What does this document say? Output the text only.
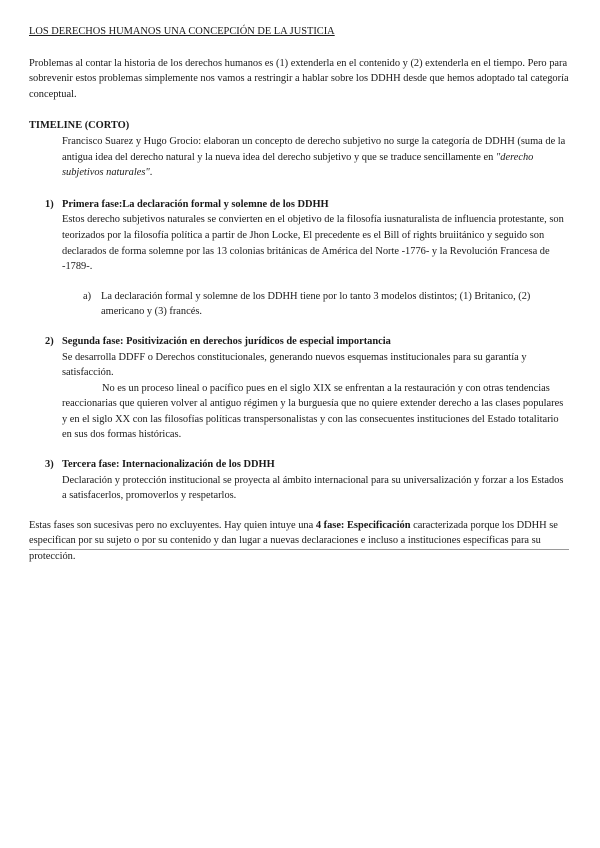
LOS DERECHOS HUMANOS UNA CONCEPCIÓN DE LA JUSTICIA

Problemas al contar la historia de los derechos humanos es (1) extenderla en el contenido y (2) extenderla en el tiempo. Pero para sobrevenir estos problemas simplemente nos vamos a restringir a hablar sobre los DDHH desde que hemos adoptado tal categoría conceptual.

TIMELINE (CORTO)

Francisco Suarez y Hugo Grocio: elaboran un concepto de derecho subjetivo no surge la categoría de DDHH (suma de la antigua idea del derecho natural y la nueva idea del derecho subjetivo y que se traduce sencillamente en "derecho subjetivos naturales".

1) Primera fase:La declaración formal y solemne de los DDHH
Estos derecho subjetivos naturales se convierten en el objetivo de la filosofía iusnaturalista de influencia protestante, son teorizados por la filosofía política a partir de Jhon Locke, El precedente es el Bill of rights bruiitánico y seguido son declarados de forma solemne por las 13 colonias británicas de América del Norte -1776- y la Revolución Francesa de -1789-.
a) La declaración formal y solemne de los DDHH tiene por lo tanto 3 modelos distintos; (1) Britanico, (2) americano y (3) francés.
2) Segunda fase: Positivización en derechos jurídicos de especial importancia
Se desarrolla DDFF o Derechos constitucionales, generando nuevos esquemas institucionales para su garantía y satisfacción.
No es un proceso lineal o pacífico pues en el siglo XIX se enfrentan a la restauración y con otras tendencias reaccionarias que quieren volver al antiguo régimen y la burguesía que no quiere extender derecho a las clases populares y en el siglo XX con las filosofías políticas transpersonalistas y con las consecuentes instituciones del Estado totalitario en sus dos formas históricas.
3) Tercera fase: Internacionalización de los DDHH
Declaración y protección institucional se proyecta al ámbito internacional para su universalización y forzar a los Estados a satisfacerlos, promoverlos y respetarlos.

Estas fases son sucesivas pero no excluyentes. Hay quien intuye una 4 fase: Especificación caracterizada porque los DDHH se especifican por su sujeto o por su contenido y dan lugar a nuevas declaraciones e incluso a instituciones específicas para su protección.
